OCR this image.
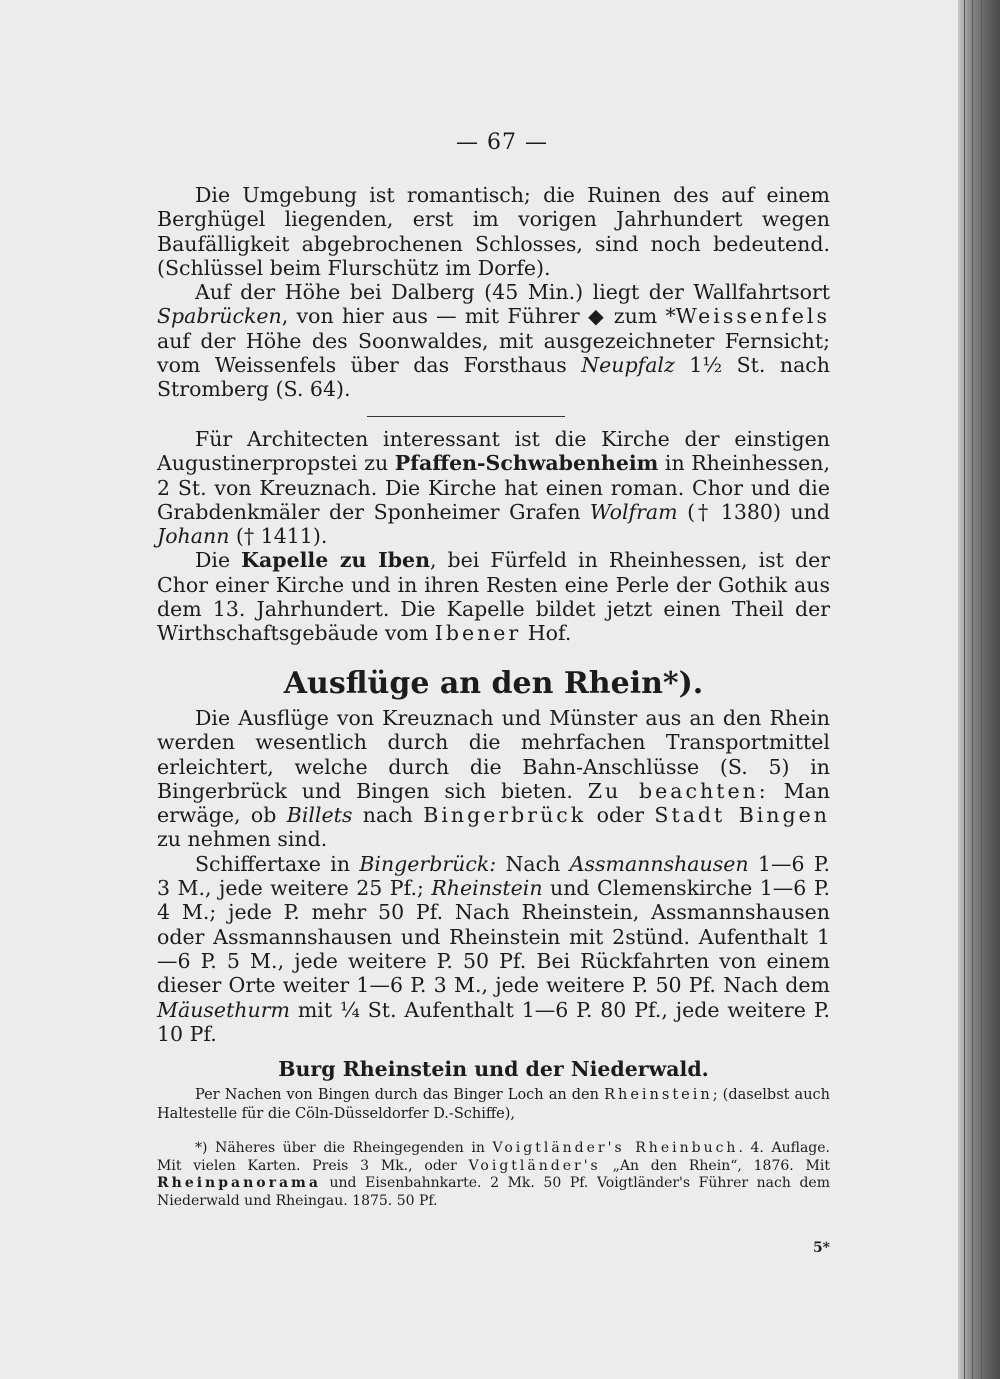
— 67 —

Die Umgebung ist romantisch; die Ruinen des auf einem Berghügel liegenden, erst im vorigen Jahrhundert wegen Baufälligkeit abgebrochenen Schlosses, sind noch bedeutend. (Schlüssel beim Flurschütz im Dorfe).

Auf der Höhe bei Dalberg (45 Min.) liegt der Wallfahrtsort Spabrücken, von hier aus — mit Führer ◆ zum *Weissenfels auf der Höhe des Soonwaldes, mit ausgezeichneter Fernsicht; vom Weissenfels über das Forsthaus Neupfalz 1½ St. nach Stromberg (S. 64).

Für Architecten interessant ist die Kirche der einstigen Augustinerpropstei zu Pfaffen-Schwabenheim in Rheinhessen, 2 St. von Kreuznach. Die Kirche hat einen roman. Chor und die Grabdenkmäler der Sponheimer Grafen Wolfram († 1380) und Johann († 1411).

Die Kapelle zu Iben, bei Fürfeld in Rheinhessen, ist der Chor einer Kirche und in ihren Resten eine Perle der Gothik aus dem 13. Jahrhundert. Die Kapelle bildet jetzt einen Theil der Wirthschaftsgebäude vom Ibener Hof.

Ausflüge an den Rhein*).

Die Ausflüge von Kreuznach und Münster aus an den Rhein werden wesentlich durch die mehrfachen Transportmittel erleichtert, welche durch die Bahn-Anschlüsse (S. 5) in Bingerbrück und Bingen sich bieten. Zu beachten: Man erwäge, ob Billets nach Bingerbrück oder Stadt Bingen zu nehmen sind.

Schiffertaxe in Bingerbrück: Nach Assmannshausen 1—6 P. 3 M., jede weitere 25 Pf.; Rheinstein und Clemenskirche 1—6 P. 4 M.; jede P. mehr 50 Pf. Nach Rheinstein, Assmannshausen oder Assmannshausen und Rheinstein mit 2stünd. Aufenthalt 1—6 P. 5 M., jede weitere P. 50 Pf. Bei Rückfahrten von einem dieser Orte weiter 1—6 P. 3 M., jede weitere P. 50 Pf. Nach dem Mäusethurm mit ¼ St. Aufenthalt 1—6 P. 80 Pf., jede weitere P. 10 Pf.

Burg Rheinstein und der Niederwald.

Per Nachen von Bingen durch das Binger Loch an den Rheinstein; (daselbst auch Haltestelle für die Cöln-Düsseldorfer D.-Schiffe),

*) Näheres über die Rheingegenden in Voigtländer's Rheinbuch. 4. Auflage. Mit vielen Karten. Preis 3 Mk., oder Voigtländer's „An den Rhein“, 1876. Mit Rheinpanorama und Eisenbahnkarte. 2 Mk. 50 Pf. Voigtländer's Führer nach dem Niederwald und Rheingau. 1875. 50 Pf.

5*
